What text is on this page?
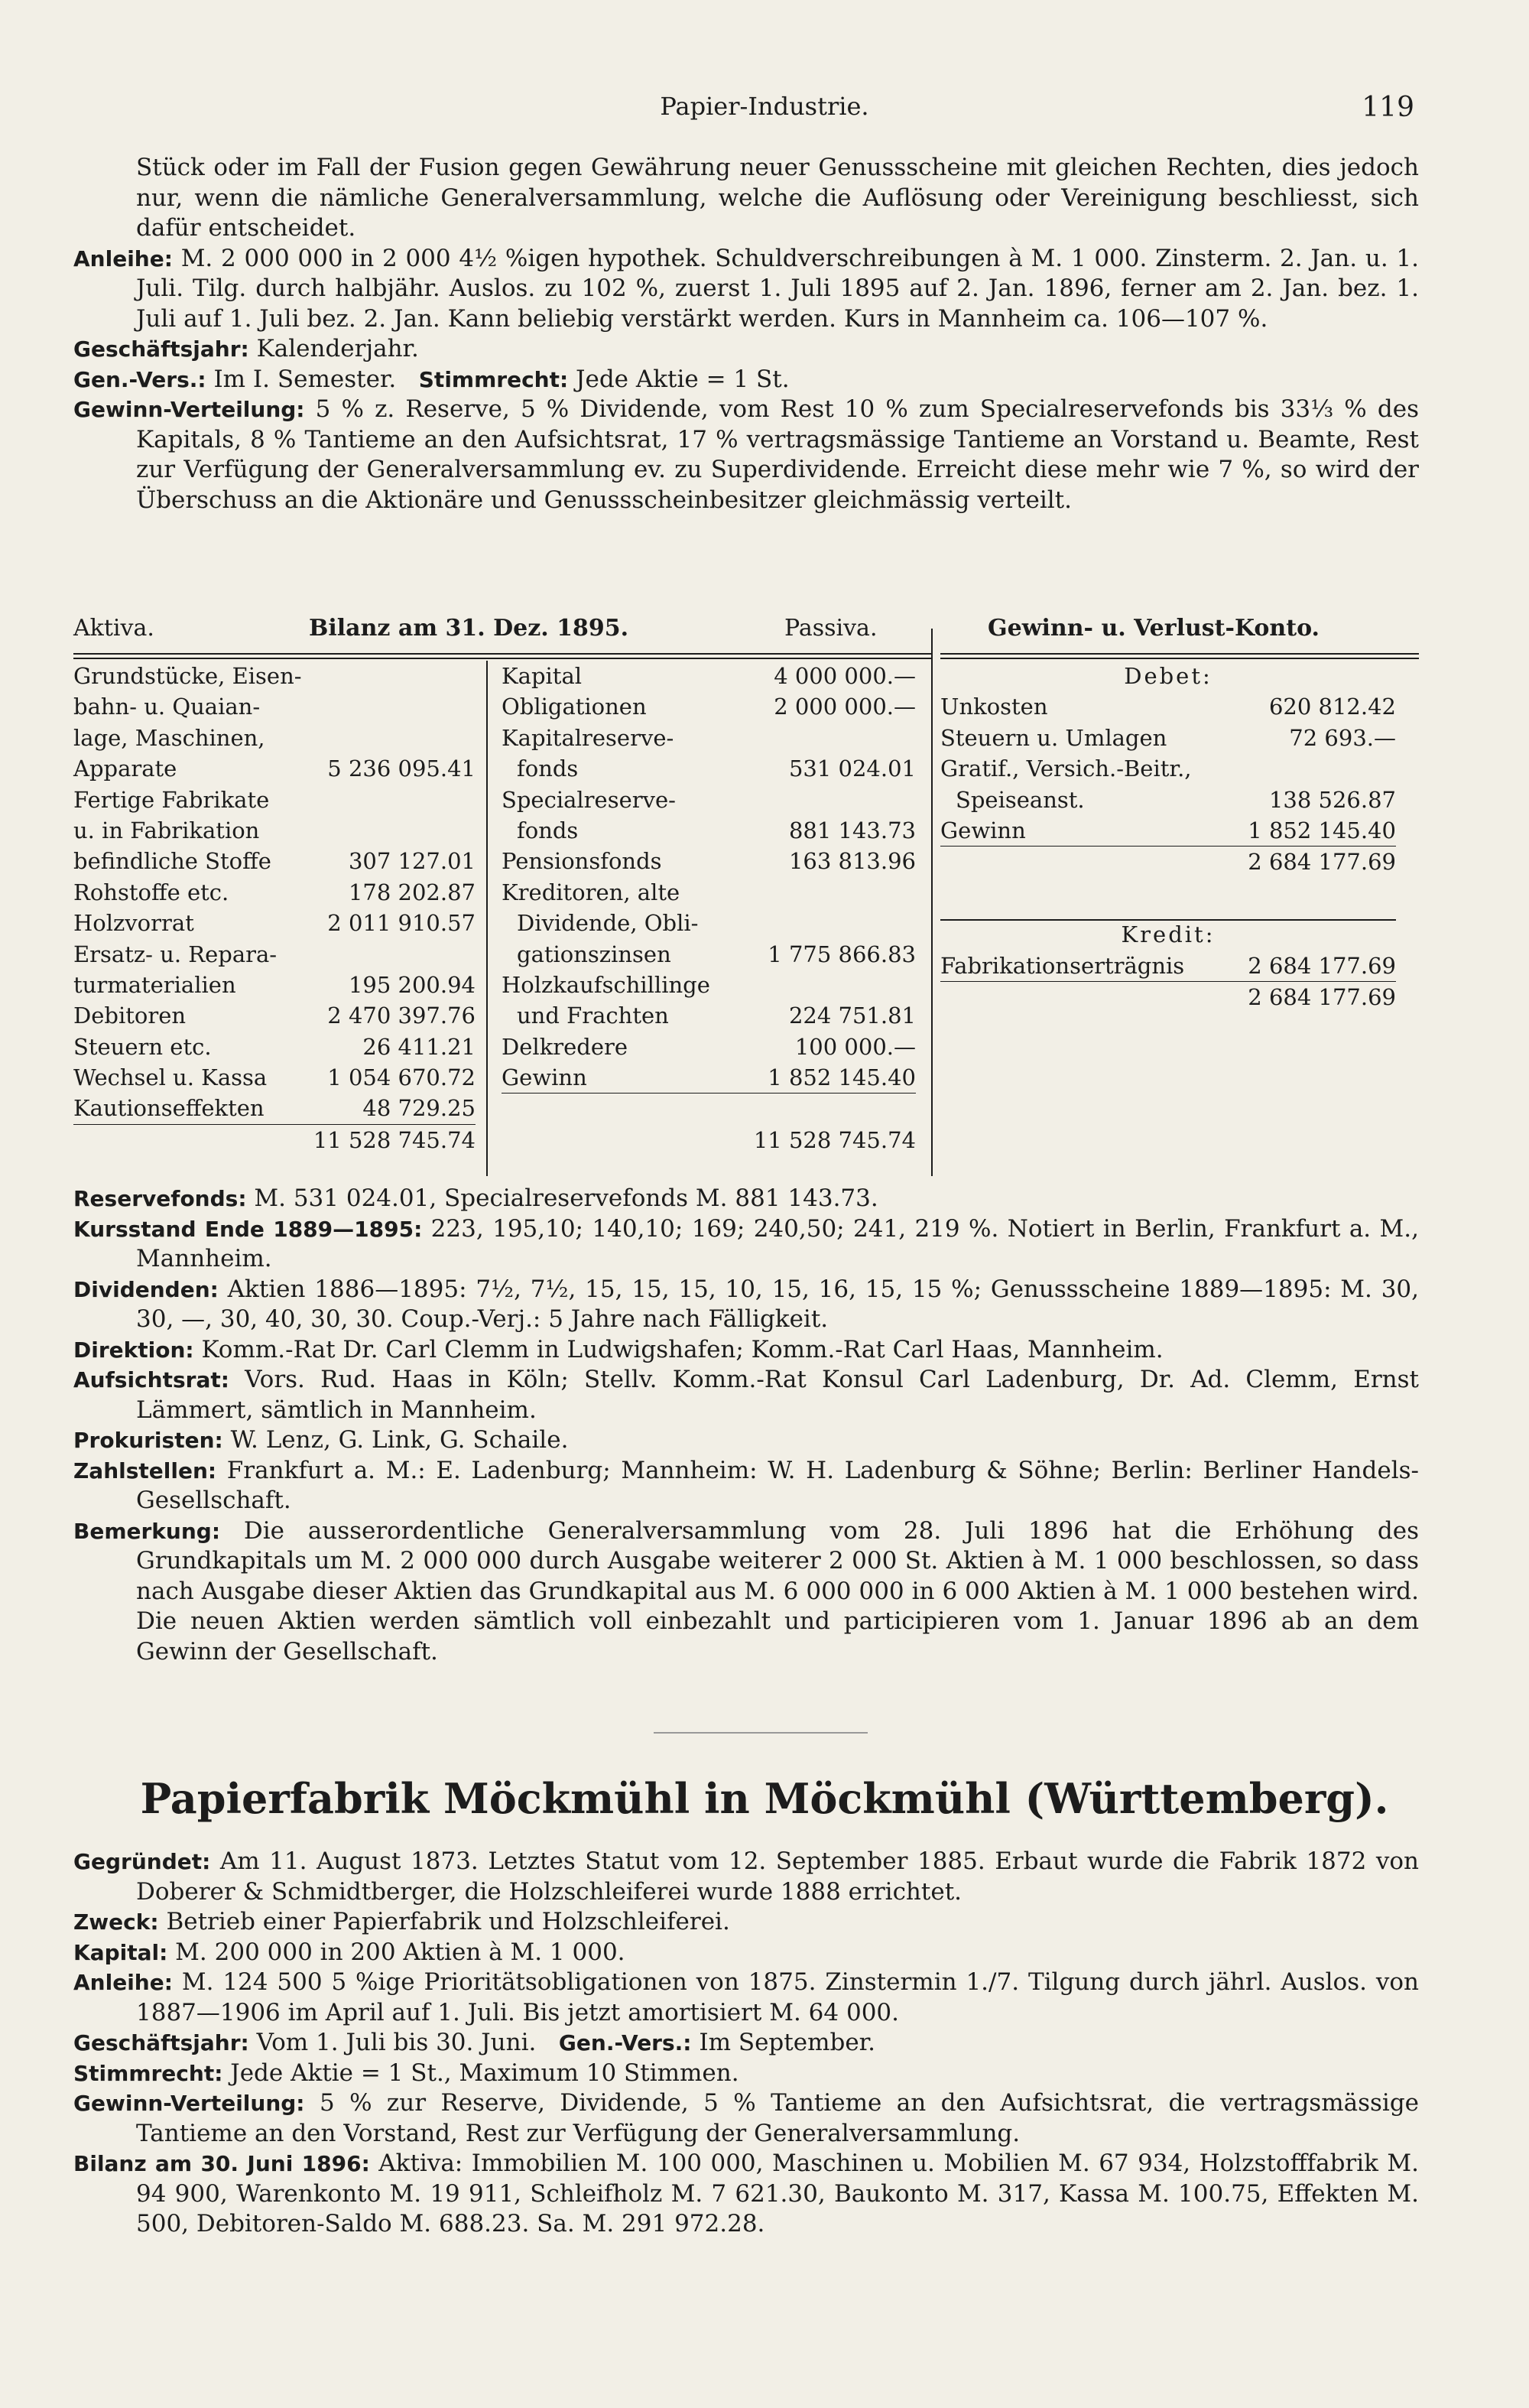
Papier-Industrie.	119

Stück oder im Fall der Fusion gegen Gewährung neuer Genussscheine mit gleichen Rechten, dies jedoch nur, wenn die nämliche Generalversammlung, welche die Auflösung oder Vereinigung beschliesst, sich dafür entscheidet.

Anleihe: M. 2 000 000 in 2 000 4½ %igen hypothek. Schuldverschreibungen à M. 1 000. Zinsterm. 2. Jan. u. 1. Juli. Tilg. durch halbjähr. Auslos. zu 102 %, zuerst 1. Juli 1895 auf 2. Jan. 1896, ferner am 2. Jan. bez. 1. Juli auf 1. Juli bez. 2. Jan. Kann beliebig verstärkt werden. Kurs in Mannheim ca. 106—107 %.

Geschäftsjahr: Kalenderjahr.

Gen.-Vers.: Im I. Semester. Stimmrecht: Jede Aktie = 1 St.

Gewinn-Verteilung: 5 % z. Reserve, 5 % Dividende, vom Rest 10 % zum Specialreservefonds bis 33⅓ % des Kapitals, 8 % Tantieme an den Aufsichtsrat, 17 % vertragsmässige Tantieme an Vorstand u. Beamte, Rest zur Verfügung der Generalversammlung ev. zu Superdividende. Erreicht diese mehr wie 7 %, so wird der Überschuss an die Aktionäre und Genussscheinbesitzer gleichmässig verteilt.

Aktiva.	Bilanz am 31. Dez. 1895.	Passiva.	Gewinn- u. Verlust-Konto.
Grundstücke, Eisen-
bahn- u. Quaian-
lage, Maschinen,
Apparate	5 236 095.41
Fertige Fabrikate
u. in Fabrikation
befindliche Stoffe	307 127.01
Rohstoffe etc.	178 202.87
Holzvorrat	2 011 910.57
Ersatz- u. Repara-
turmaterialien	195 200.94
Debitoren	2 470 397.76
Steuern etc.	26 411.21
Wechsel u. Kassa	1 054 670.72
Kautionseffekten	48 729.25
11 528 745.74
Kapital	4 000 000.—
Obligationen	2 000 000.—
Kapitalreserve-
fonds	531 024.01
Specialreserve-
fonds	881 143.73
Pensionsfonds	163 813.96
Kreditoren, alte
Dividende, Obli-
gationszinsen	1 775 866.83
Holzkaufschillinge
und Frachten	224 751.81
Delkredere	100 000.—
Gewinn	1 852 145.40
11 528 745.74
Debet:
Unkosten	620 812.42
Steuern u. Umlagen	72 693.—
Gratif., Versich.-Beitr.,
Speiseanst.	138 526.87
Gewinn	1 852 145.40
2 684 177.69
Kredit:
Fabrikationserträgnis	2 684 177.69
2 684 177.69

Reservefonds: M. 531 024.01, Specialreservefonds M. 881 143.73.

Kursstand Ende 1889—1895: 223, 195,10; 140,10; 169; 240,50; 241, 219 %. Notiert in Berlin, Frankfurt a. M., Mannheim.

Dividenden: Aktien 1886—1895: 7½, 7½, 15, 15, 15, 10, 15, 16, 15, 15 %; Genussscheine 1889—1895: M. 30, 30, —, 30, 40, 30, 30. Coup.-Verj.: 5 Jahre nach Fälligkeit.

Direktion: Komm.-Rat Dr. Carl Clemm in Ludwigshafen; Komm.-Rat Carl Haas, Mannheim.

Aufsichtsrat: Vors. Rud. Haas in Köln; Stellv. Komm.-Rat Konsul Carl Ladenburg, Dr. Ad. Clemm, Ernst Lämmert, sämtlich in Mannheim.

Prokuristen: W. Lenz, G. Link, G. Schaile.

Zahlstellen: Frankfurt a. M.: E. Ladenburg; Mannheim: W. H. Ladenburg & Söhne; Berlin: Berliner Handels-Gesellschaft.

Bemerkung: Die ausserordentliche Generalversammlung vom 28. Juli 1896 hat die Erhöhung des Grundkapitals um M. 2 000 000 durch Ausgabe weiterer 2 000 St. Aktien à M. 1 000 beschlossen, so dass nach Ausgabe dieser Aktien das Grundkapital aus M. 6 000 000 in 6 000 Aktien à M. 1 000 bestehen wird. Die neuen Aktien werden sämtlich voll einbezahlt und participieren vom 1. Januar 1896 ab an dem Gewinn der Gesellschaft.

Papierfabrik Möckmühl in Möckmühl (Württemberg).

Gegründet: Am 11. August 1873. Letztes Statut vom 12. September 1885. Erbaut wurde die Fabrik 1872 von Doberer & Schmidtberger, die Holzschleiferei wurde 1888 errichtet.

Zweck: Betrieb einer Papierfabrik und Holzschleiferei.

Kapital: M. 200 000 in 200 Aktien à M. 1 000.

Anleihe: M. 124 500 5 %ige Prioritätsobligationen von 1875. Zinstermin 1./7. Tilgung durch jährl. Auslos. von 1887—1906 im April auf 1. Juli. Bis jetzt amortisiert M. 64 000.

Geschäftsjahr: Vom 1. Juli bis 30. Juni. Gen.-Vers.: Im September.

Stimmrecht: Jede Aktie = 1 St., Maximum 10 Stimmen.

Gewinn-Verteilung: 5 % zur Reserve, Dividende, 5 % Tantieme an den Aufsichtsrat, die vertragsmässige Tantieme an den Vorstand, Rest zur Verfügung der Generalversammlung.

Bilanz am 30. Juni 1896: Aktiva: Immobilien M. 100 000, Maschinen u. Mobilien M. 67 934, Holzstofffabrik M. 94 900, Warenkonto M. 19 911, Schleifholz M. 7 621.30, Baukonto M. 317, Kassa M. 100.75, Effekten M. 500, Debitoren-Saldo M. 688.23. Sa. M. 291 972.28.
